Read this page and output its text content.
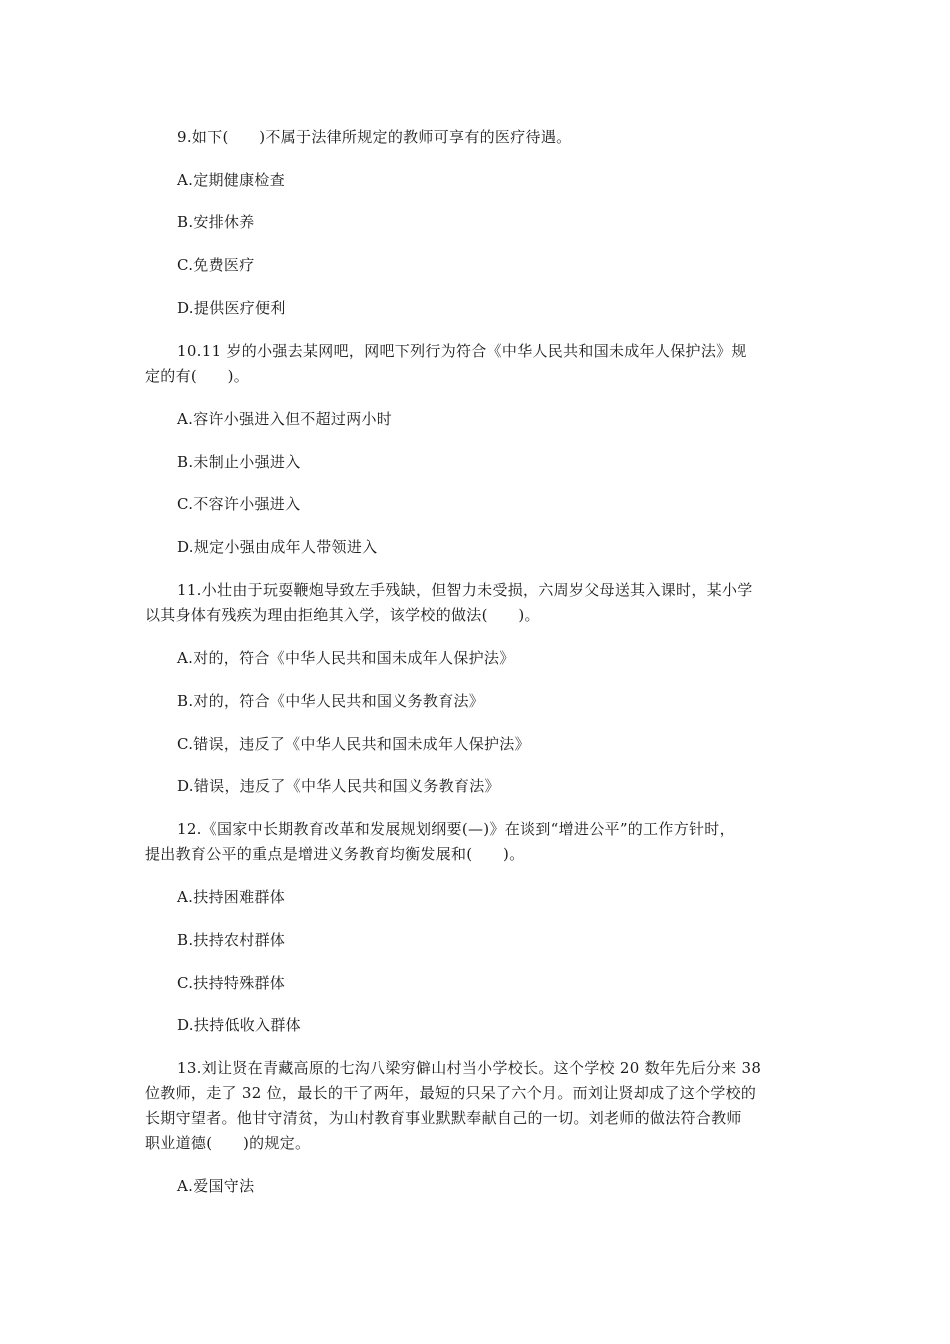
9.如下(　　)不属于法律所规定的教师可享有的医疗待遇。
A.定期健康检查
B.安排休养
C.免费医疗
D.提供医疗便利
10.11 岁的小强去某网吧，网吧下列行为符合《中华人民共和国未成年人保护法》规
定的有(　　)。
A.容许小强进入但不超过两小时
B.未制止小强进入
C.不容许小强进入
D.规定小强由成年人带领进入
11.小壮由于玩耍鞭炮导致左手残缺，但智力未受损，六周岁父母送其入课时，某小学
以其身体有残疾为理由拒绝其入学，该学校的做法(　　)。
A.对的，符合《中华人民共和国未成年人保护法》
B.对的，符合《中华人民共和国义务教育法》
C.错误，违反了《中华人民共和国未成年人保护法》
D.错误，违反了《中华人民共和国义务教育法》
12.《国家中长期教育改革和发展规划纲要(—)》在谈到“增进公平”的工作方针时，
提出教育公平的重点是增进义务教育均衡发展和(　　)。
A.扶持困难群体
B.扶持农村群体
C.扶持特殊群体
D.扶持低收入群体
13.刘让贤在青藏高原的七沟八梁穷僻山村当小学校长。这个学校 20 数年先后分来 38
位教师，走了 32 位，最长的干了两年，最短的只呆了六个月。而刘让贤却成了这个学校的
长期守望者。他甘守清贫，为山村教育事业默默奉献自己的一切。刘老师的做法符合教师
职业道德(　　)的规定。
A.爱国守法
